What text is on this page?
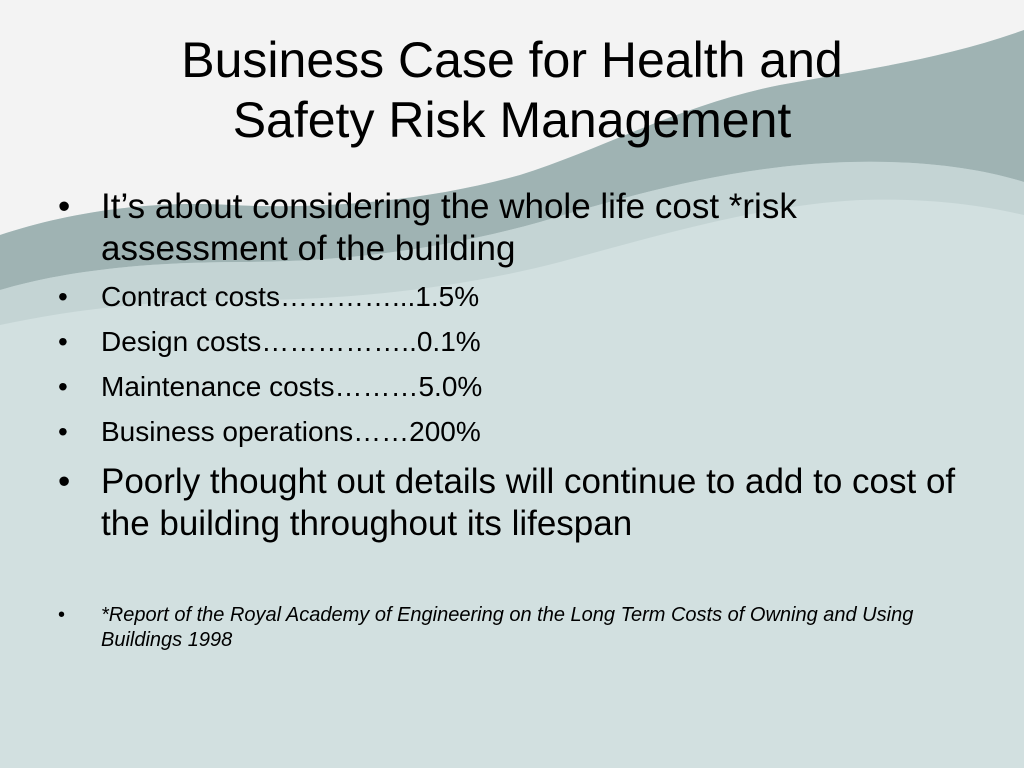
Business Case for Health and
Safety Risk Management
• It’s about considering the whole life cost *risk assessment of the building
• Contract costs…………...1.5%
• Design costs……………..0.1%
• Maintenance costs………5.0%
• Business operations……200%
• Poorly thought out details will continue to add to cost of the building throughout its lifespan
• *Report of the Royal Academy of Engineering on the Long Term Costs of Owning and Using Buildings 1998
